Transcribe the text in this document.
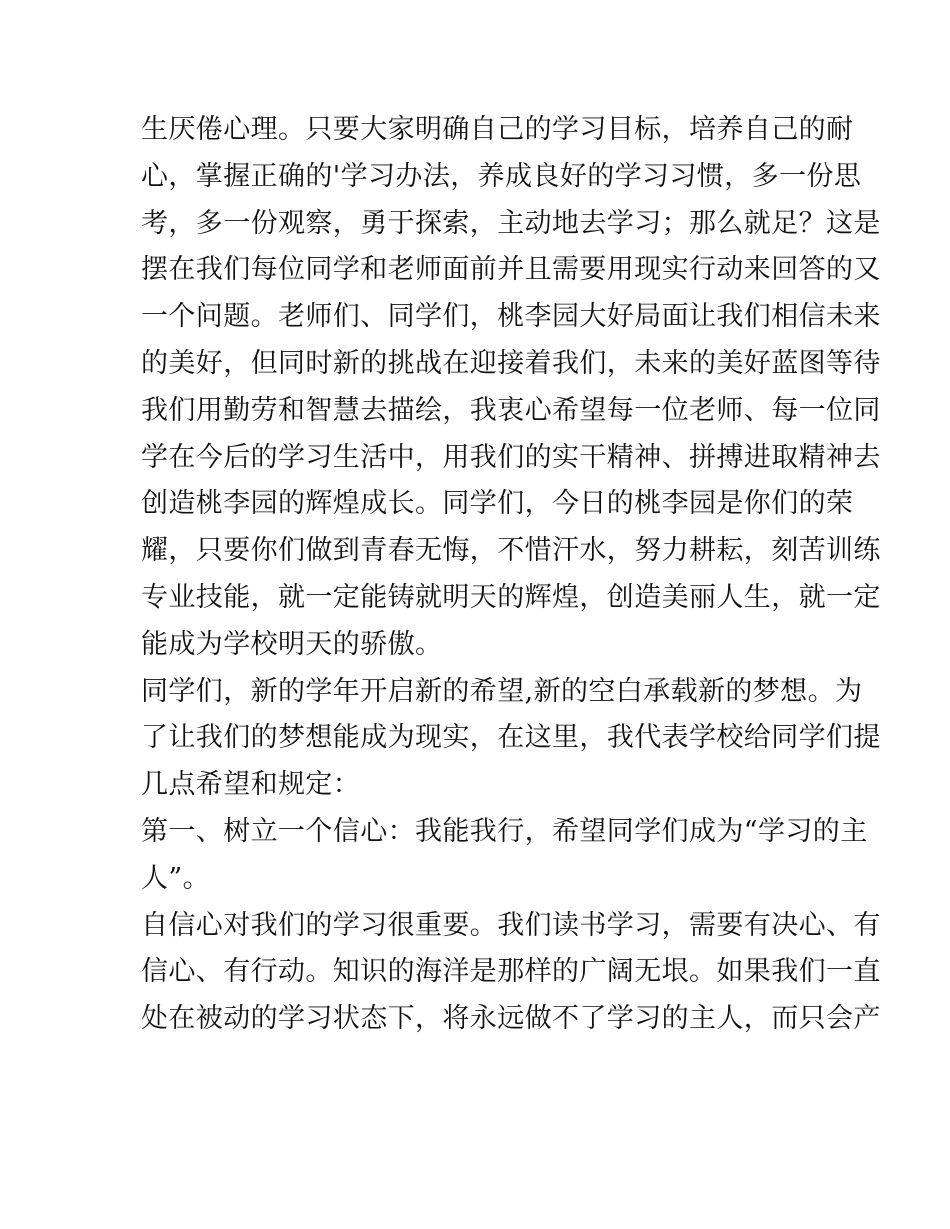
生厌倦心理。只要大家明确自己的学习目标，培养自己的耐
心，掌握正确的'学习办法，养成良好的学习习惯，多一份思
考，多一份观察，勇于探索，主动地去学习；那么就足？这是
摆在我们每位同学和老师面前并且需要用现实行动来回答的又
一个问题。老师们、同学们，桃李园大好局面让我们相信未来
的美好，但同时新的挑战在迎接着我们，未来的美好蓝图等待
我们用勤劳和智慧去描绘，我衷心希望每一位老师、每一位同
学在今后的学习生活中，用我们的实干精神、拼搏进取精神去
创造桃李园的辉煌成长。同学们，今日的桃李园是你们的荣
耀，只要你们做到青春无悔，不惜汗水，努力耕耘，刻苦训练
专业技能，就一定能铸就明天的辉煌，创造美丽人生，就一定
能成为学校明天的骄傲。
同学们，新的学年开启新的希望,新的空白承载新的梦想。为
了让我们的梦想能成为现实，在这里，我代表学校给同学们提
几点希望和规定：
第一、树立一个信心：我能我行，希望同学们成为“学习的主
人”。
自信心对我们的学习很重要。我们读书学习，需要有决心、有
信心、有行动。知识的海洋是那样的广阔无垠。如果我们一直
处在被动的学习状态下，将永远做不了学习的主人，而只会产
